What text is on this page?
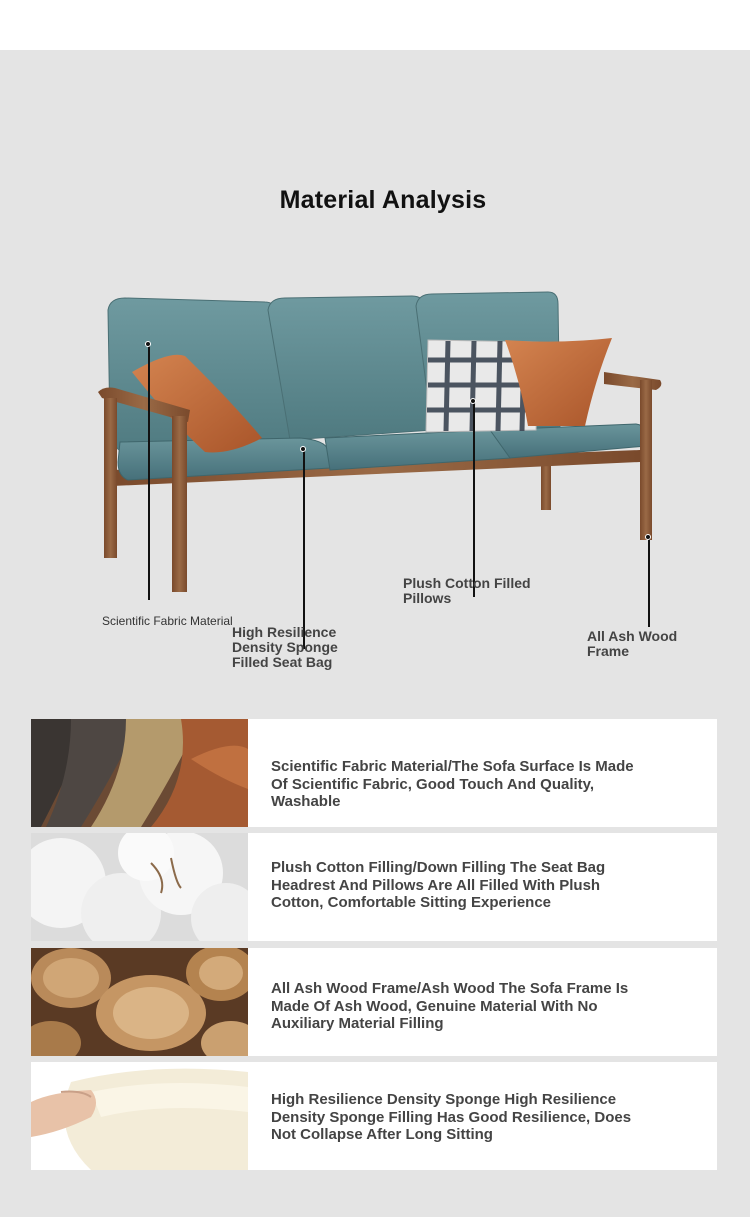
Material Analysis
Scientific Fabric Material
High Resilience Density Sponge Filled Seat Bag
Plush Cotton Filled Pillows
All Ash Wood Frame
Scientific Fabric Material/The Sofa Surface Is Made Of Scientific Fabric, Good Touch And Quality, Washable
Plush Cotton Filling/Down Filling The Seat Bag Headrest And Pillows Are All Filled With Plush Cotton, Comfortable Sitting Experience
All Ash Wood Frame/Ash Wood The Sofa Frame Is Made Of Ash Wood, Genuine Material With No Auxiliary Material Filling
High Resilience Density Sponge High Resilience Density Sponge Filling Has Good Resilience, Does Not Collapse After Long Sitting
